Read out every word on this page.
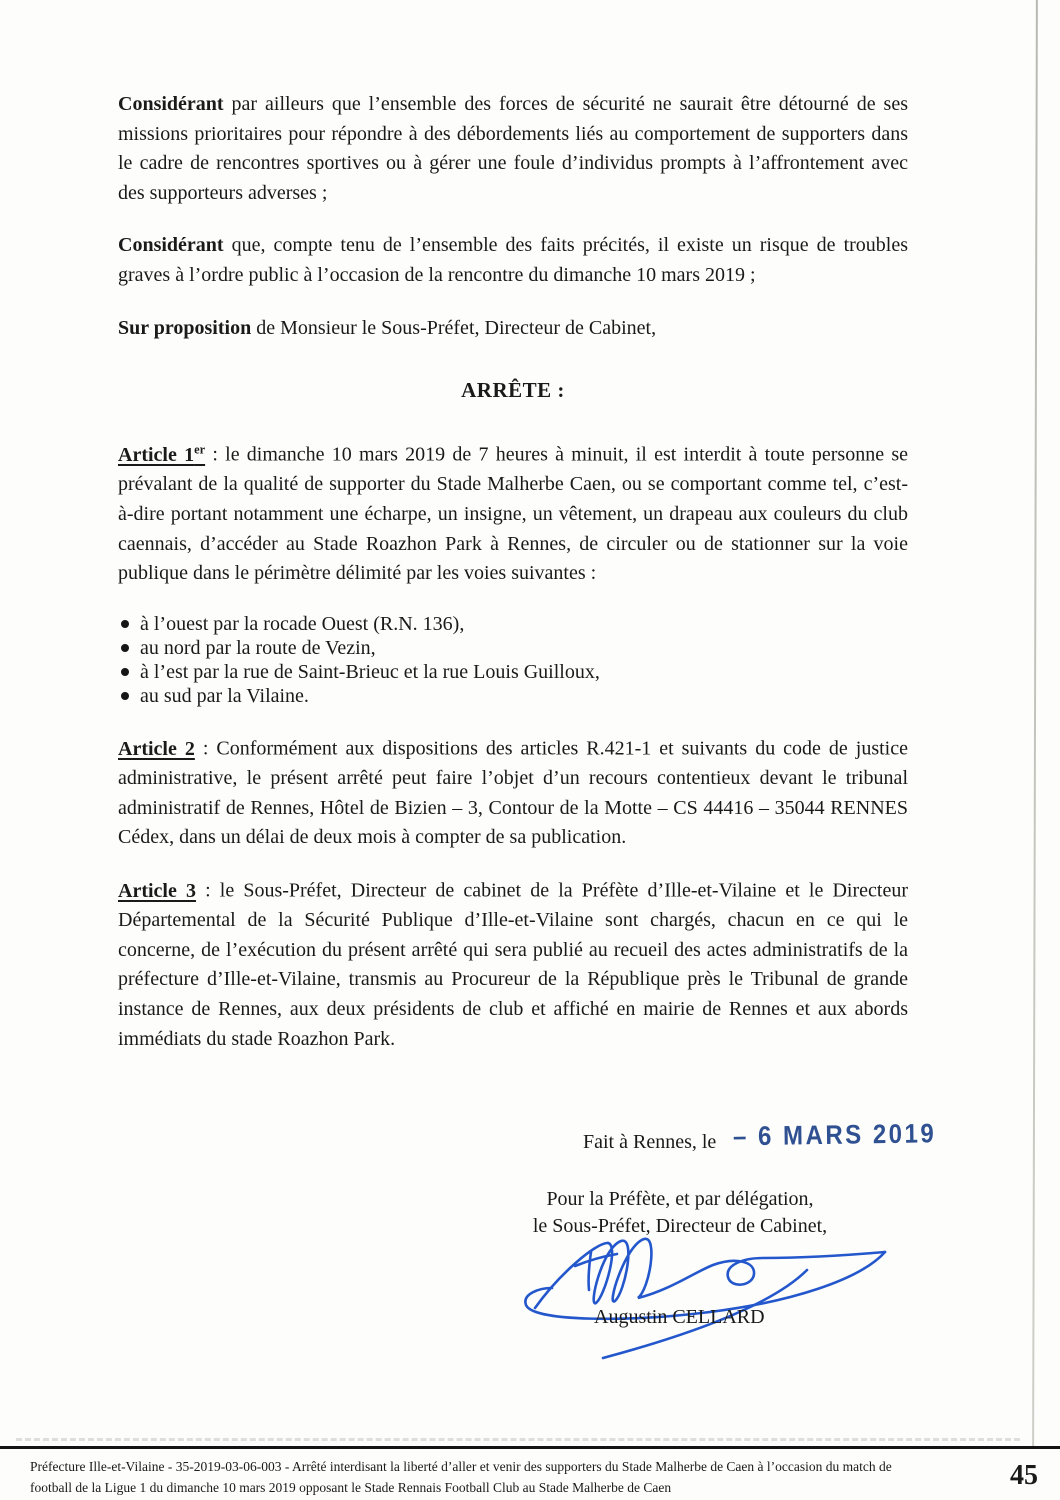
Considérant par ailleurs que l’ensemble des forces de sécurité ne saurait être détourné de ses missions prioritaires pour répondre à des débordements liés au comportement de supporters dans le cadre de rencontres sportives ou à gérer une foule d’individus prompts à l’affrontement avec des supporteurs adverses ;

Considérant que, compte tenu de l’ensemble des faits précités, il existe un risque de troubles graves à l’ordre public à l’occasion de la rencontre du dimanche 10 mars 2019 ;

Sur proposition de Monsieur le Sous-Préfet, Directeur de Cabinet,

ARRÊTE :

Article 1er : le dimanche 10 mars 2019 de 7 heures à minuit, il est interdit à toute personne se prévalant de la qualité de supporter du Stade Malherbe Caen, ou se comportant comme tel, c’est-à-dire portant notamment une écharpe, un insigne, un vêtement, un drapeau aux couleurs du club caennais, d’accéder au Stade Roazhon Park à Rennes, de circuler ou de stationner sur la voie publique dans le périmètre délimité par les voies suivantes :

à l’ouest par la rocade Ouest (R.N. 136),
au nord par la route de Vezin,
à l’est par la rue de Saint-Brieuc et la rue Louis Guilloux,
au sud par la Vilaine.

Article 2 : Conformément aux dispositions des articles R.421-1 et suivants du code de justice administrative, le présent arrêté peut faire l’objet d’un recours contentieux devant le tribunal administratif de Rennes, Hôtel de Bizien – 3, Contour de la Motte – CS 44416 – 35044 RENNES Cédex, dans un délai de deux mois à compter de sa publication.

Article 3 : le Sous-Préfet, Directeur de cabinet de la Préfète d’Ille-et-Vilaine et le Directeur Départemental de la Sécurité Publique d’Ille-et-Vilaine sont chargés, chacun en ce qui le concerne, de l’exécution du présent arrêté qui sera publié au recueil des actes administratifs de la préfecture d’Ille-et-Vilaine, transmis au Procureur de la République près le Tribunal de grande instance de Rennes, aux deux présidents de club et affiché en mairie de Rennes et aux abords immédiats du stade Roazhon Park.

Fait à Rennes, le – 6 MARS 2019
Pour la Préfète, et par délégation,
le Sous-Préfet, Directeur de Cabinet,
Augustin CELLARD
Préfecture Ille-et-Vilaine - 35-2019-03-06-003 - Arrêté interdisant la liberté d’aller et venir des supporters du Stade Malherbe de Caen à l’occasion du match de
football de la Ligue 1 du dimanche 10 mars 2019 opposant le Stade Rennais Football Club au Stade Malherbe de Caen	45
